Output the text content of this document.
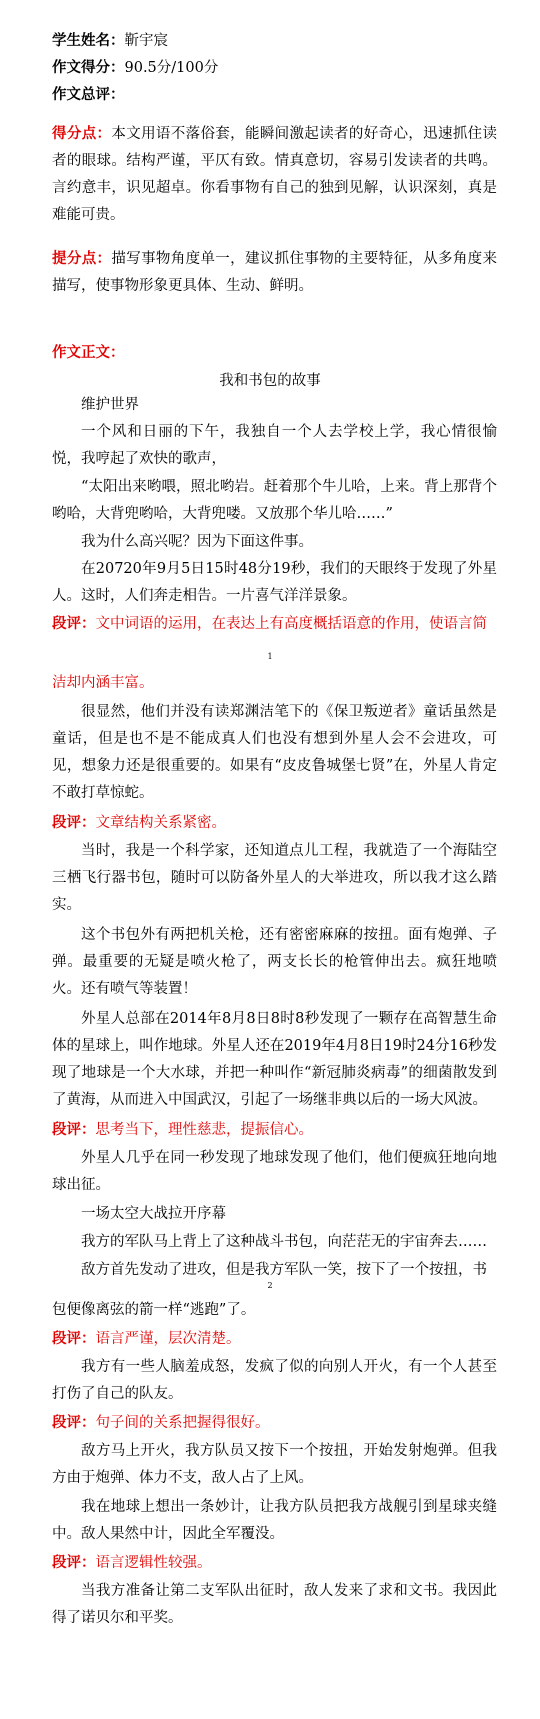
学生姓名：靳宇宸
作文得分：90.5分/100分
作文总评：
得分点：本文用语不落俗套，能瞬间激起读者的好奇心，迅速抓住读者的眼球。结构严谨，平仄有致。情真意切，容易引发读者的共鸣。言约意丰，识见超卓。你看事物有自己的独到见解，认识深刻，真是难能可贵。
提分点：描写事物角度单一，建议抓住事物的主要特征，从多角度来描写，使事物形象更具体、生动、鲜明。
作文正文：
我和书包的故事
维护世界
一个风和日丽的下午，我独自一个人去学校上学，我心情很愉悦，我哼起了欢快的歌声，
“太阳出来哟喂，照北哟岩。赶着那个牛儿哈，上来。背上那背个哟哈，大背兜哟哈，大背兜喽。又放那个华儿哈……”
我为什么高兴呢？因为下面这件事。
在20720年9月5日15时48分19秒，我们的天眼终于发现了外星人。这时，人们奔走相告。一片喜气洋洋景象。
段评：文中词语的运用，在表达上有高度概括语意的作用，使语言简
1
洁却内涵丰富。
很显然，他们并没有读郑渊洁笔下的《保卫叛逆者》童话虽然是童话，但是也不是不能成真人们也没有想到外星人会不会进攻，可见，想象力还是很重要的。如果有“皮皮鲁城堡七贤”在，外星人肯定不敢打草惊蛇。
段评：文章结构关系紧密。
当时，我是一个科学家，还知道点儿工程，我就造了一个海陆空三栖飞行器书包，随时可以防备外星人的大举进攻，所以我才这么踏实。
这个书包外有两把机关枪，还有密密麻麻的按扭。面有炮弹、子弹。最重要的无疑是喷火枪了，两支长长的枪管伸出去。疯狂地喷火。还有喷气等装置！
外星人总部在2014年8月8日8时8秒发现了一颗存在高智慧生命体的星球上，叫作地球。外星人还在2019年4月8日19时24分16秒发现了地球是一个大水球，并把一种叫作“新冠肺炎病毒”的细菌散发到了黄海，从而进入中国武汉，引起了一场继非典以后的一场大风波。
段评：思考当下，理性慈悲，提振信心。
外星人几乎在同一秒发现了地球发现了他们，他们便疯狂地向地球出征。
一场太空大战拉开序幕
我方的军队马上背上了这种战斗书包，向茫茫无的宇宙奔去……
敌方首先发动了进攻，但是我方军队一笑，按下了一个按扭，书
2
包便像离弦的箭一样“逃跑”了。
段评：语言严谨，层次清楚。
我方有一些人脑羞成怒，发疯了似的向别人开火，有一个人甚至打伤了自己的队友。
段评：句子间的关系把握得很好。
敌方马上开火，我方队员又按下一个按扭，开始发射炮弹。但我方由于炮弹、体力不支，敌人占了上风。
我在地球上想出一条妙计，让我方队员把我方战舰引到星球夹缝中。敌人果然中计，因此全军覆没。
段评：语言逻辑性较强。
当我方准备让第二支军队出征时，敌人发来了求和文书。我因此得了诺贝尔和平奖。
